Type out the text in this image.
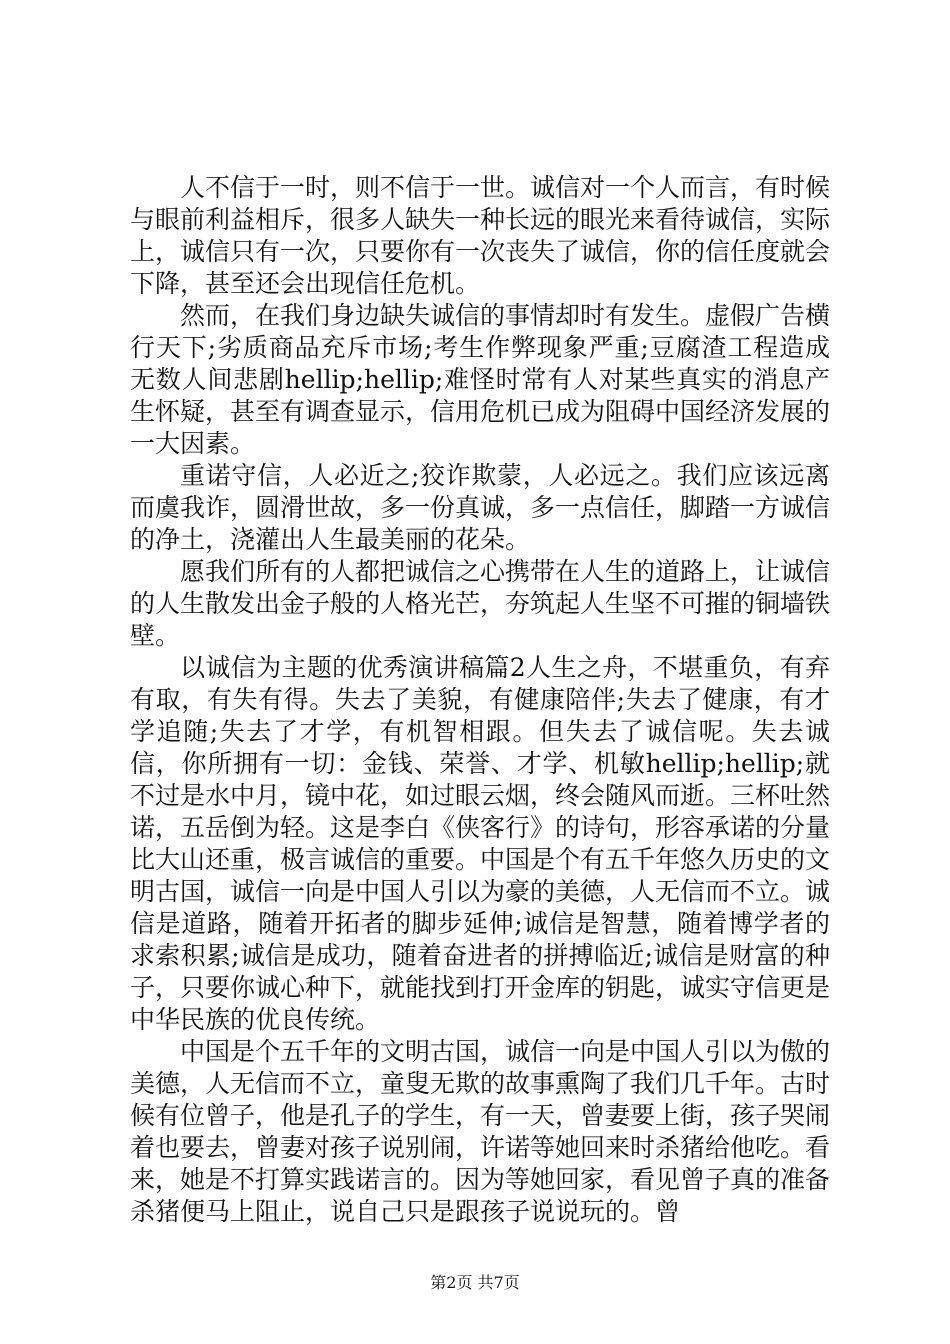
人不信于一时，则不信于一世。诚信对一个人而言，有时候与眼前利益相斥，很多人缺失一种长远的眼光来看待诚信，实际上，诚信只有一次，只要你有一次丧失了诚信，你的信任度就会下降，甚至还会出现信任危机。

然而，在我们身边缺失诚信的事情却时有发生。虚假广告横行天下;劣质商品充斥市场;考生作弊现象严重;豆腐渣工程造成无数人间悲剧hellip;hellip;难怪时常有人对某些真实的消息产生怀疑，甚至有调查显示，信用危机已成为阻碍中国经济发展的一大因素。

重诺守信，人必近之;狡诈欺蒙，人必远之。我们应该远离而虞我诈，圆滑世故，多一份真诚，多一点信任，脚踏一方诚信的净土，浇灌出人生最美丽的花朵。

愿我们所有的人都把诚信之心携带在人生的道路上，让诚信的人生散发出金子般的人格光芒，夯筑起人生坚不可摧的铜墙铁壁。

以诚信为主题的优秀演讲稿篇2人生之舟，不堪重负，有弃有取，有失有得。失去了美貌，有健康陪伴;失去了健康，有才学追随;失去了才学，有机智相跟。但失去了诚信呢。失去诚信，你所拥有一切：金钱、荣誉、才学、机敏hellip;hellip;就不过是水中月，镜中花，如过眼云烟，终会随风而逝。三杯吐然诺，五岳倒为轻。这是李白《侠客行》的诗句，形容承诺的分量比大山还重，极言诚信的重要。中国是个有五千年悠久历史的文明古国，诚信一向是中国人引以为豪的美德，人无信而不立。诚信是道路，随着开拓者的脚步延伸;诚信是智慧，随着博学者的求索积累;诚信是成功，随着奋进者的拼搏临近;诚信是财富的种子，只要你诚心种下，就能找到打开金库的钥匙，诚实守信更是中华民族的优良传统。

中国是个五千年的文明古国，诚信一向是中国人引以为傲的美德，人无信而不立，童叟无欺的故事熏陶了我们几千年。古时候有位曾子，他是孔子的学生，有一天，曾妻要上街，孩子哭闹着也要去，曾妻对孩子说别闹，许诺等她回来时杀猪给他吃。看来，她是不打算实践诺言的。因为等她回家，看见曾子真的准备杀猪便马上阻止，说自己只是跟孩子说说玩的。曾

第2页 共7页
